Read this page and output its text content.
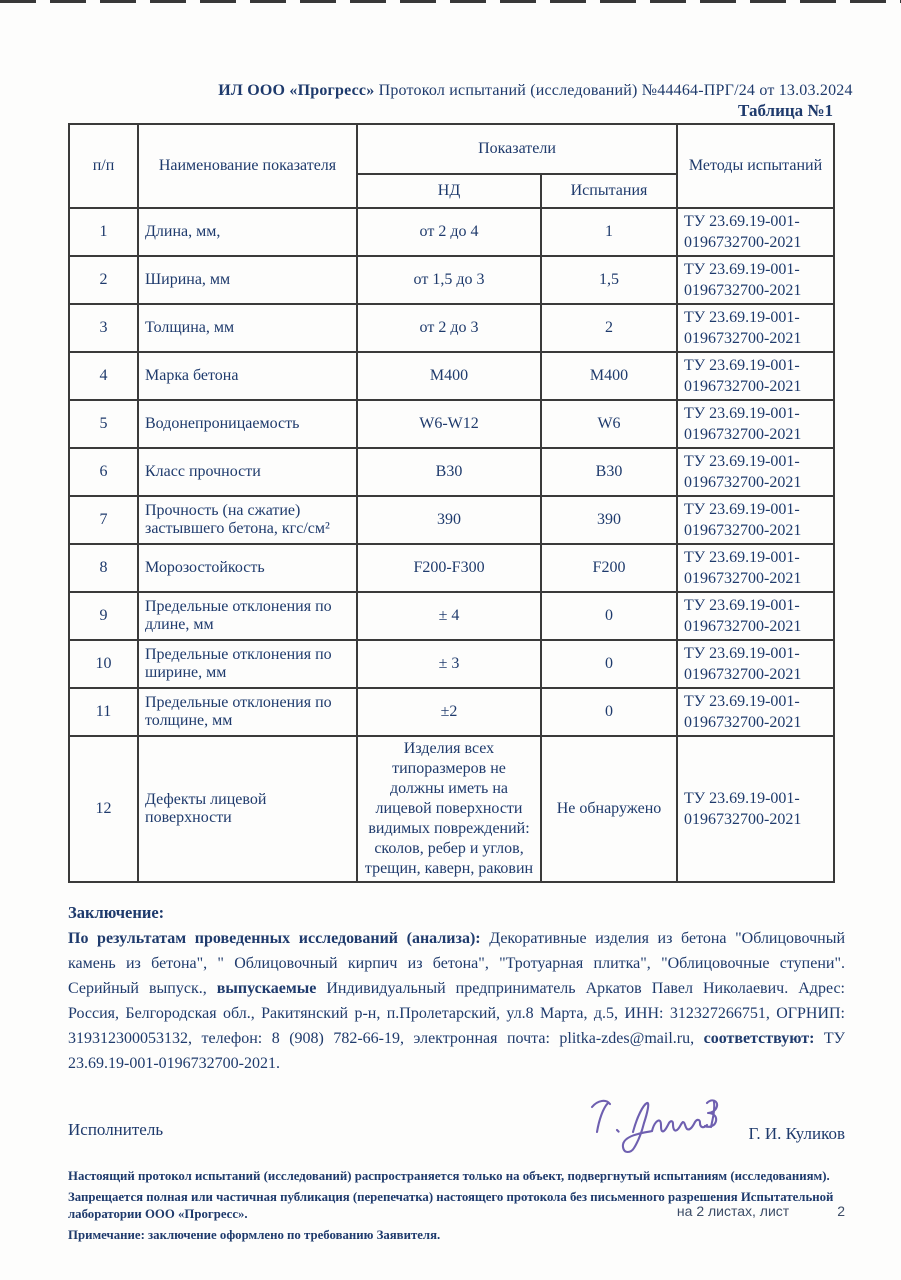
ИЛ ООО «Прогресс» Протокол испытаний (исследований) №44464-ПРГ/24 от 13.03.2024
Таблица №1
п/п	Наименование показателя	Показатели		Методы испытаний
		НД	Испытания	
1	Длина, мм,	от 2 до 4	1	ТУ 23.69.19-001-0196732700-2021
2	Ширина, мм	от 1,5 до 3	1,5	ТУ 23.69.19-001-0196732700-2021
3	Толщина, мм	от 2 до 3	2	ТУ 23.69.19-001-0196732700-2021
4	Марка бетона	М400	М400	ТУ 23.69.19-001-0196732700-2021
5	Водонепроницаемость	W6-W12	W6	ТУ 23.69.19-001-0196732700-2021
6	Класс прочности	В30	В30	ТУ 23.69.19-001-0196732700-2021
7	Прочность (на сжатие) застывшего бетона, кгс/см²	390	390	ТУ 23.69.19-001-0196732700-2021
8	Морозостойкость	F200-F300	F200	ТУ 23.69.19-001-0196732700-2021
9	Предельные отклонения по длине, мм	± 4	0	ТУ 23.69.19-001-0196732700-2021
10	Предельные отклонения по ширине, мм	± 3	0	ТУ 23.69.19-001-0196732700-2021
11	Предельные отклонения по толщине, мм	±2	0	ТУ 23.69.19-001-0196732700-2021
12	Дефекты лицевой поверхности	Изделия всех типоразмеров не должны иметь на лицевой поверхности видимых повреждений: сколов, ребер и углов, трещин, каверн, раковин	Не обнаружено	ТУ 23.69.19-001-0196732700-2021
Заключение:
По результатам проведенных исследований (анализа): Декоративные изделия из бетона "Облицовочный камень из бетона", " Облицовочный кирпич из бетона", "Тротуарная плитка", "Облицовочные ступени". Серийный выпуск., выпускаемые Индивидуальный предприниматель Аркатов Павел Николаевич. Адрес: Россия, Белгородская обл., Ракитянский р-н, п.Пролетарский, ул.8 Марта, д.5, ИНН: 312327266751, ОГРНИП: 319312300053132, телефон: 8 (908) 782-66-19, электронная почта: plitka-zdes@mail.ru, соответствуют: ТУ 23.69.19-001-0196732700-2021.
Исполнитель	Г. И. Куликов
Настоящий протокол испытаний (исследований) распространяется только на объект, подвергнутый испытаниям (исследованиям).
Запрещается полная или частичная публикация (перепечатка) настоящего протокола без письменного разрешения Испытательной лаборатории ООО «Прогресс».
Примечание: заключение оформлено по требованию Заявителя.
на 2 листах, лист	2
